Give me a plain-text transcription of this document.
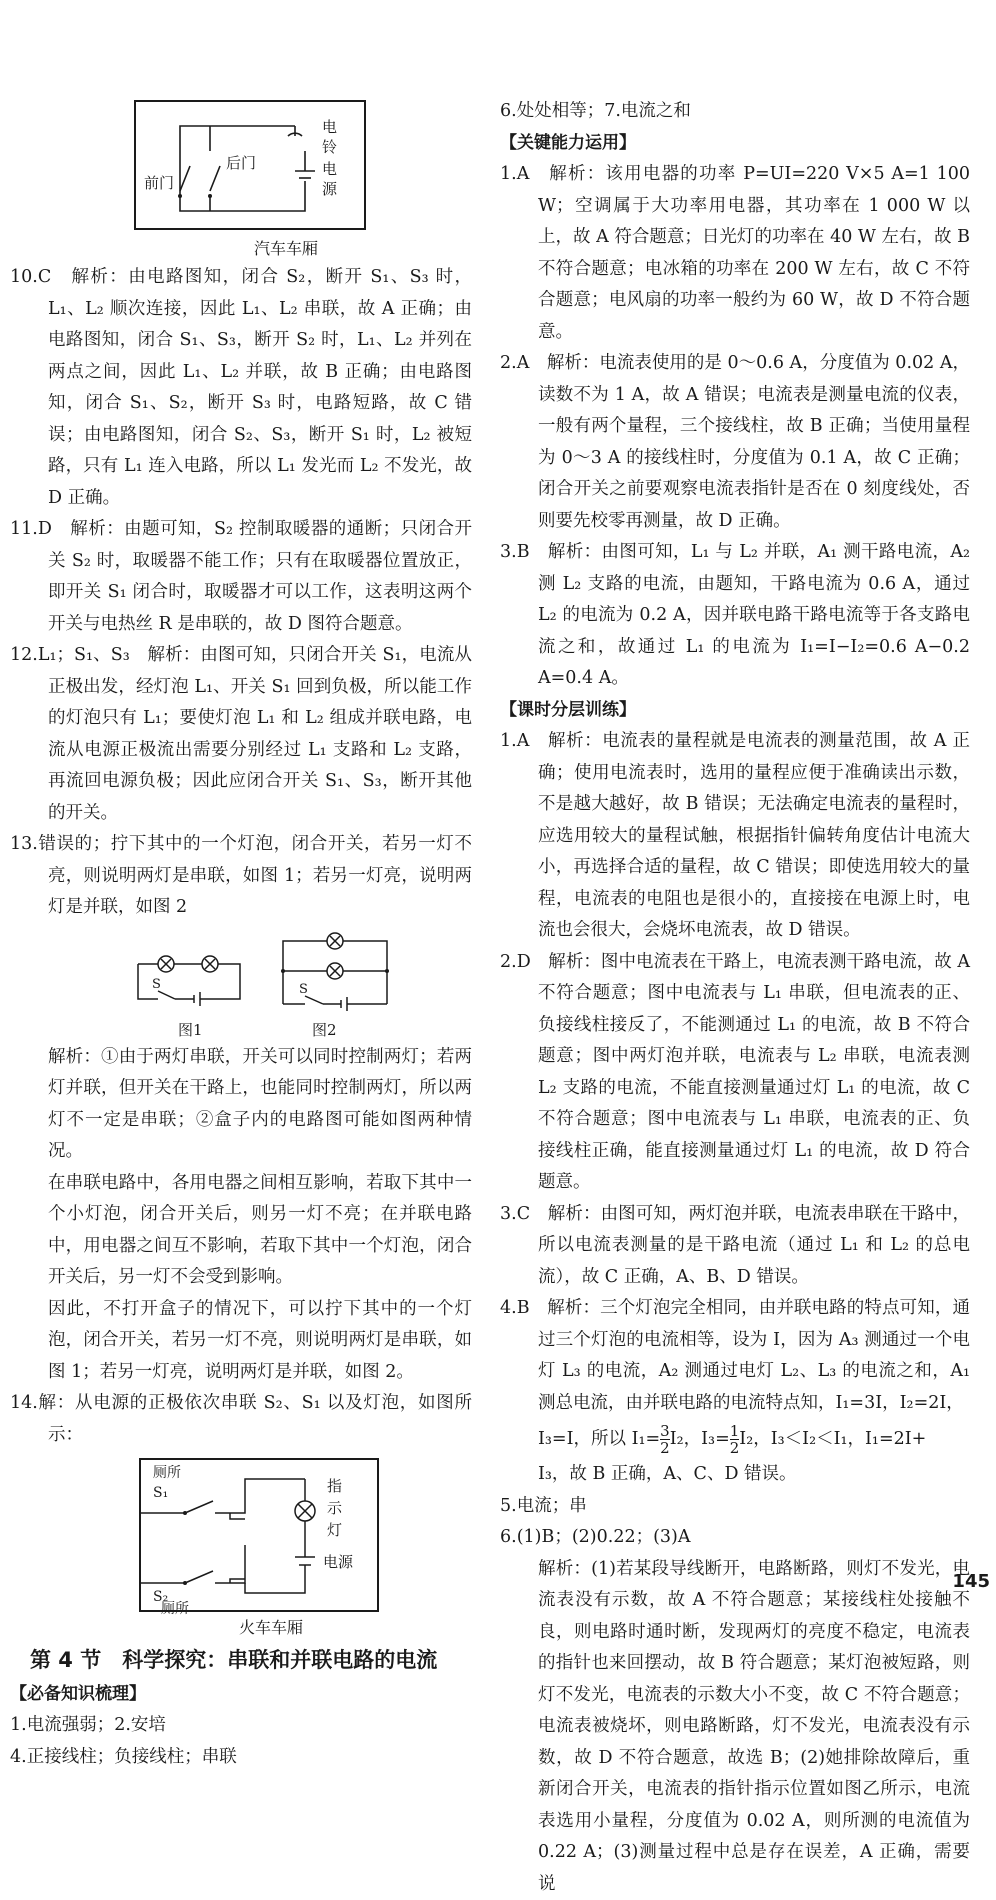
前门
后门
电
铃
电
源
汽车车厢

10.C　解析：由电路图知，闭合 S₂，断开 S₁、S₃ 时，L₁、L₂ 顺次连接，因此 L₁、L₂ 串联，故 A 正确；由电路图知，闭合 S₁、S₃，断开 S₂ 时，L₁、L₂ 并列在两点之间，因此 L₁、L₂ 并联，故 B 正确；由电路图知，闭合 S₁、S₂，断开 S₃ 时，电路短路，故 C 错误；由电路图知，闭合 S₂、S₃，断开 S₁ 时，L₂ 被短路，只有 L₁ 连入电路，所以 L₁ 发光而 L₂ 不发光，故 D 正确。

11.D　解析：由题可知，S₂ 控制取暖器的通断；只闭合开关 S₂ 时，取暖器不能工作；只有在取暖器位置放正，即开关 S₁ 闭合时，取暖器才可以工作，这表明这两个开关与电热丝 R 是串联的，故 D 图符合题意。

12.L₁；S₁、S₃　解析：由图可知，只闭合开关 S₁，电流从正极出发，经灯泡 L₁、开关 S₁ 回到负极，所以能工作的灯泡只有 L₁；要使灯泡 L₁ 和 L₂ 组成并联电路，电流从电源正极流出需要分别经过 L₁ 支路和 L₂ 支路，再流回电源负极；因此应闭合开关 S₁、S₃，断开其他的开关。

13.错误的；拧下其中的一个灯泡，闭合开关，若另一灯不亮，则说明两灯是串联，如图 1；若另一灯亮，说明两灯是并联，如图 2

S	S
图1	图2

解析：①由于两灯串联，开关可以同时控制两灯；若两灯并联，但开关在干路上，也能同时控制两灯，所以两灯不一定是串联；②盒子内的电路图可能如图两种情况。

在串联电路中，各用电器之间相互影响，若取下其中一个小灯泡，闭合开关后，则另一灯不亮；在并联电路中，用电器之间互不影响，若取下其中一个灯泡，闭合开关后，另一灯不会受到影响。

因此，不打开盒子的情况下，可以拧下其中的一个灯泡，闭合开关，若另一灯不亮，则说明两灯是串联，如图 1；若另一灯亮，说明两灯是并联，如图 2。

14.解：从电源的正极依次串联 S₂、S₁ 以及灯泡，如图所示：

厕所
S₁
S₂
厕所
指
示
灯
电源
火车车厢
第 4 节　科学探究：串联和并联电路的电流

【必备知识梳理】

1.电流强弱；2.安培

4.正接线柱；负接线柱；串联

6.处处相等；7.电流之和

【关键能力运用】

1.A　解析：该用电器的功率 P=UI=220 V×5 A=1 100 W；空调属于大功率用电器，其功率在 1 000 W 以上，故 A 符合题意；日光灯的功率在 40 W 左右，故 B 不符合题意；电冰箱的功率在 200 W 左右，故 C 不符合题意；电风扇的功率一般约为 60 W，故 D 不符合题意。

2.A　解析：电流表使用的是 0～0.6 A，分度值为 0.02 A，读数不为 1 A，故 A 错误；电流表是测量电流的仪表，一般有两个量程，三个接线柱，故 B 正确；当使用量程为 0～3 A 的接线柱时，分度值为 0.1 A，故 C 正确；闭合开关之前要观察电流表指针是否在 0 刻度线处，否则要先校零再测量，故 D 正确。

3.B　解析：由图可知，L₁ 与 L₂ 并联，A₁ 测干路电流，A₂ 测 L₂ 支路的电流，由题知，干路电流为 0.6 A，通过 L₂ 的电流为 0.2 A，因并联电路干路电流等于各支路电流之和，故通过 L₁ 的电流为 I₁=I−I₂=0.6 A−0.2 A=0.4 A。

【课时分层训练】

1.A　解析：电流表的量程就是电流表的测量范围，故 A 正确；使用电流表时，选用的量程应便于准确读出示数，不是越大越好，故 B 错误；无法确定电流表的量程时，应选用较大的量程试触，根据指针偏转角度估计电流大小，再选择合适的量程，故 C 错误；即使选用较大的量程，电流表的电阻也是很小的，直接接在电源上时，电流也会很大，会烧坏电流表，故 D 错误。

2.D　解析：图中电流表在干路上，电流表测干路电流，故 A 不符合题意；图中电流表与 L₁ 串联，但电流表的正、负接线柱接反了，不能测通过 L₁ 的电流，故 B 不符合题意；图中两灯泡并联，电流表与 L₂ 串联，电流表测 L₂ 支路的电流，不能直接测量通过灯 L₁ 的电流，故 C 不符合题意；图中电流表与 L₁ 串联，电流表的正、负接线柱正确，能直接测量通过灯 L₁ 的电流，故 D 符合题意。

3.C　解析：由图可知，两灯泡并联，电流表串联在干路中，所以电流表测量的是干路电流（通过 L₁ 和 L₂ 的总电流），故 C 正确，A、B、D 错误。

4.B　解析：三个灯泡完全相同，由并联电路的特点可知，通过三个灯泡的电流相等，设为 I，因为 A₃ 测通过一个电灯 L₃ 的电流，A₂ 测通过电灯 L₂、L₃ 的电流之和，A₁ 测总电流，由并联电路的电流特点知，I₁=3I，I₂=2I，

I₃=I，所以 $I_1= \frac{3}{2} I_2$，$I_3= \frac{1}{2} I_2$，I₃＜I₂＜I₁，I₁=2I+

I₃，故 B 正确，A、C、D 错误。

5.电流；串

6.(1)B；(2)0.22；(3)A

解析：(1)若某段导线断开，电路断路，则灯不发光，电流表没有示数，故 A 不符合题意；某接线柱处接触不良，则电路时通时断，发现两灯的亮度不稳定，电流表的指针也来回摆动，故 B 符合题意；某灯泡被短路，则灯不发光，电流表的示数大小不变，故 C 不符合题意；电流表被烧坏，则电路断路，灯不发光，电流表没有示数，故 D 不符合题意，故选 B；(2)她排除故障后，重新闭合开关，电流表的指针指示位置如图乙所示，电流表选用小量程，分度值为 0.02 A，则所测的电流值为 0.22 A；(3)测量过程中总是存在误差，A 正确，需要说

145
